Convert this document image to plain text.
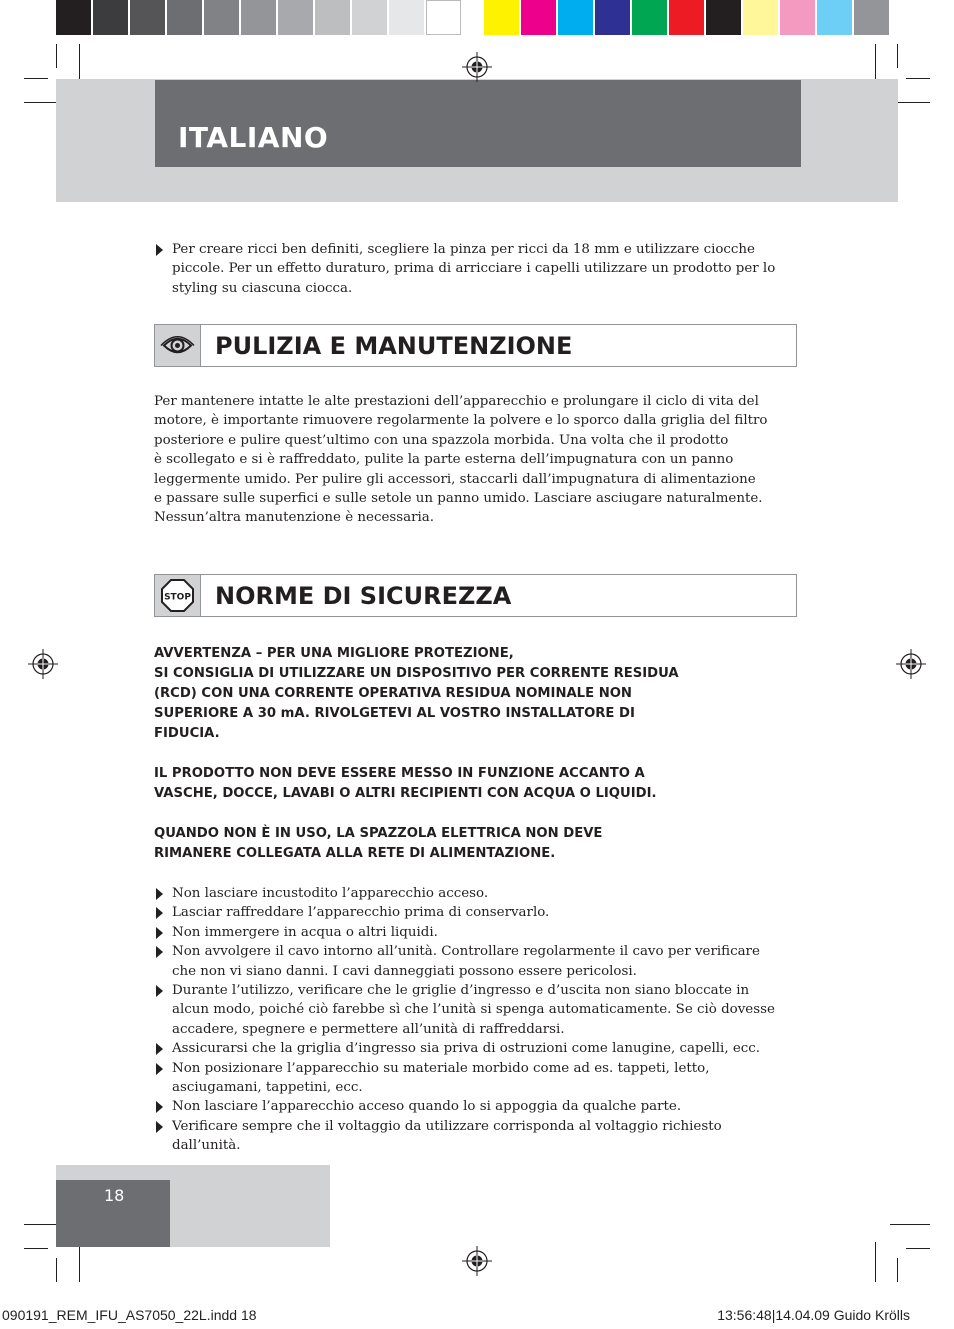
ITALIANO
Per creare ricci ben definiti, scegliere la pinza per ricci da 18 mm e utilizzare ciocche
piccole. Per un effetto duraturo, prima di arricciare i capelli utilizzare un prodotto per lo
styling su ciascuna ciocca.
PULIZIA E MANUTENZIONE
Per mantenere intatte le alte prestazioni dell’apparecchio e prolungare il ciclo di vita del
motore, è importante rimuovere regolarmente la polvere e lo sporco dalla griglia del filtro
posteriore e pulire quest’ultimo con una spazzola morbida. Una volta che il prodotto
è scollegato e si è raffreddato, pulite la parte esterna dell’impugnatura con un panno
leggermente umido. Per pulire gli accessori, staccarli dall’impugnatura di alimentazione
e passare sulle superfici e sulle setole un panno umido. Lasciare asciugare naturalmente.
Nessun’altra manutenzione è necessaria.
STOP NORME DI SICUREZZA
AVVERTENZA – PER UNA MIGLIORE PROTEZIONE,
SI CONSIGLIA DI UTILIZZARE UN DISPOSITIVO PER CORRENTE RESIDUA
(RCD) CON UNA CORRENTE OPERATIVA RESIDUA NOMINALE NON
SUPERIORE A 30 mA. RIVOLGETEVI AL VOSTRO INSTALLATORE DI
FIDUCIA.
IL PRODOTTO NON DEVE ESSERE MESSO IN FUNZIONE ACCANTO A
VASCHE, DOCCE, LAVABI O ALTRI RECIPIENTI CON ACQUA O LIQUIDI.
QUANDO NON È IN USO, LA SPAZZOLA ELETTRICA NON DEVE
RIMANERE COLLEGATA ALLA RETE DI ALIMENTAZIONE.
Non lasciare incustodito l’apparecchio acceso.
Lasciar raffreddare l’apparecchio prima di conservarlo.
Non immergere in acqua o altri liquidi.
Non avvolgere il cavo intorno all’unità. Controllare regolarmente il cavo per verificare
che non vi siano danni. I cavi danneggiati possono essere pericolosi.
Durante l’utilizzo, verificare che le griglie d’ingresso e d’uscita non siano bloccate in
alcun modo, poiché ciò farebbe sì che l’unità si spenga automaticamente. Se ciò dovesse
accadere, spegnere e permettere all’unità di raffreddarsi.
Assicurarsi che la griglia d’ingresso sia priva di ostruzioni come lanugine, capelli, ecc.
Non posizionare l’apparecchio su materiale morbido come ad es. tappeti, letto,
asciugamani, tappetini, ecc.
Non lasciare l’apparecchio acceso quando lo si appoggia da qualche parte.
Verificare sempre che il voltaggio da utilizzare corrisponda al voltaggio richiesto
dall’unità.
18
090191_REM_IFU_AS7050_22L.indd 18	13:56:48|14.04.09 Guido Krölls
